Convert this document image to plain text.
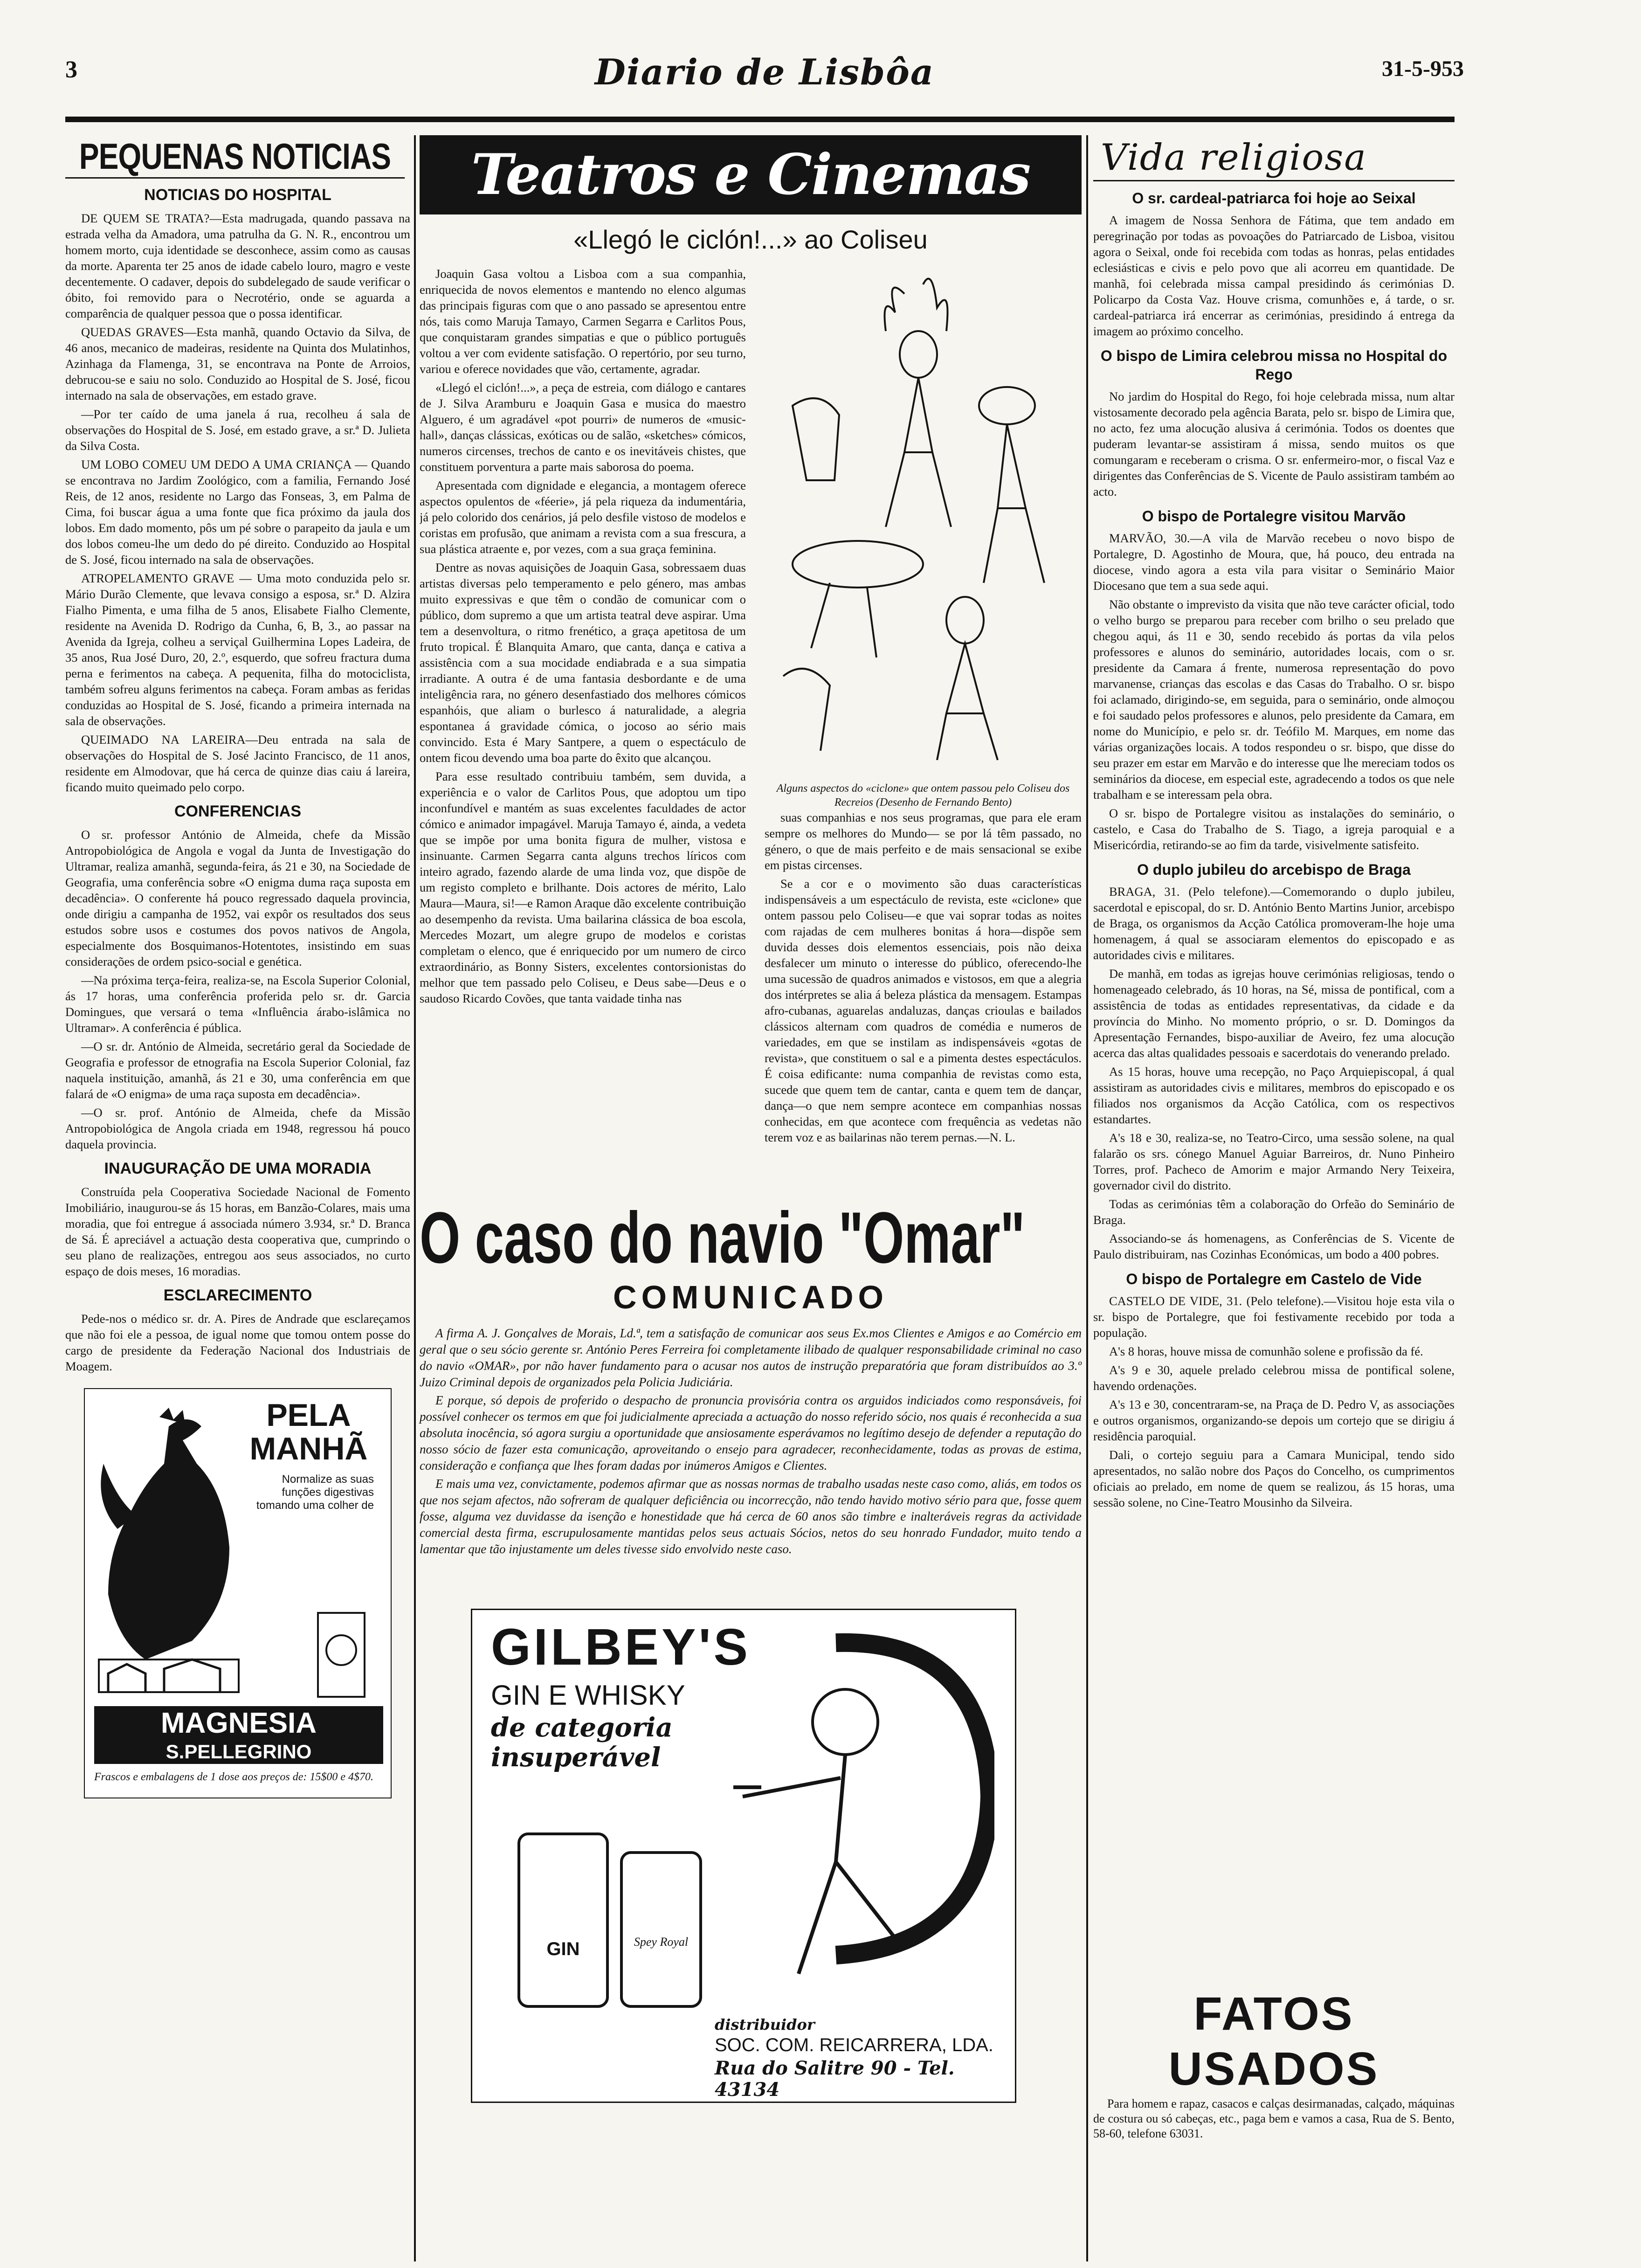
3	Diario de Lisbôa	31-5-953
PEQUENAS NOTICIAS
NOTICIAS DO HOSPITAL

DE QUEM SE TRATA?—Esta madrugada, quando passava na estrada velha da Amadora, uma patrulha da G. N. R., encontrou um homem morto, cuja identidade se desconhece, assim como as causas da morte. Aparenta ter 25 anos de idade cabelo louro, magro e veste decentemente. O cadaver, depois do subdelegado de saude verificar o óbito, foi removido para o Necrotério, onde se aguarda a comparência de qualquer pessoa que o possa identificar.

QUEDAS GRAVES—Esta manhã, quando Octavio da Silva, de 46 anos, mecanico de madeiras, residente na Quinta dos Mulatinhos, Azinhaga da Flamenga, 31, se encontrava na Ponte de Arroios, debrucou-se e saiu no solo. Conduzido ao Hospital de S. José, ficou internado na sala de observações, em estado grave.

—Por ter caído de uma janela á rua, recolheu á sala de observações do Hospital de S. José, em estado grave, a sr.ª D. Julieta da Silva Costa.

UM LOBO COMEU UM DEDO A UMA CRIANÇA — Quando se encontrava no Jardim Zoológico, com a familia, Fernando José Reis, de 12 anos, residente no Largo das Fonseas, 3, em Palma de Cima, foi buscar água a uma fonte que fica próximo da jaula dos lobos. Em dado momento, pôs um pé sobre o parapeito da jaula e um dos lobos comeu-lhe um dedo do pé direito. Conduzido ao Hospital de S. José, ficou internado na sala de observações.

ATROPELAMENTO GRAVE — Uma moto conduzida pelo sr. Mário Durão Clemente, que levava consigo a esposa, sr.ª D. Alzira Fialho Pimenta, e uma filha de 5 anos, Elisabete Fialho Clemente, residente na Avenida D. Rodrigo da Cunha, 6, B, 3., ao passar na Avenida da Igreja, colheu a serviçal Guilhermina Lopes Ladeira, de 35 anos, Rua José Duro, 20, 2.º, esquerdo, que sofreu fractura duma perna e ferimentos na cabeça. A pequenita, filha do motociclista, também sofreu alguns ferimentos na cabeça. Foram ambas as feridas conduzidas ao Hospital de S. José, ficando a primeira internada na sala de observações.

QUEIMADO NA LAREIRA—Deu entrada na sala de observações do Hospital de S. José Jacinto Francisco, de 11 anos, residente em Almodovar, que há cerca de quinze dias caiu á lareira, ficando muito queimado pelo corpo.

CONFERENCIAS

O sr. professor António de Almeida, chefe da Missão Antropobiológica de Angola e vogal da Junta de Investigação do Ultramar, realiza amanhã, segunda-feira, ás 21 e 30, na Sociedade de Geografia, uma conferência sobre «O enigma duma raça suposta em decadência». O conferente há pouco regressado daquela provincia, onde dirigiu a campanha de 1952, vai expôr os resultados dos seus estudos sobre usos e costumes dos povos nativos de Angola, especialmente dos Bosquimanos-Hotentotes, insistindo em suas considerações de ordem psico-social e genética.

—Na próxima terça-feira, realiza-se, na Escola Superior Colonial, ás 17 horas, uma conferência proferida pelo sr. dr. Garcia Domingues, que versará o tema «Influência árabo-islâmica no Ultramar». A conferência é pública.

—O sr. dr. António de Almeida, secretário geral da Sociedade de Geografia e professor de etnografia na Escola Superior Colonial, faz naquela instituição, amanhã, ás 21 e 30, uma conferência em que falará de «O enigma» de uma raça suposta em decadência».

—O sr. prof. António de Almeida, chefe da Missão Antropobiológica de Angola criada em 1948, regressou há pouco daquela provincia.

INAUGURAÇÃO DE UMA MORADIA

Construída pela Cooperativa Sociedade Nacional de Fomento Imobiliário, inaugurou-se ás 15 horas, em Banzão-Colares, mais uma moradia, que foi entregue á associada número 3.934, sr.ª D. Branca de Sá. É apreciável a actuação desta cooperativa que, cumprindo o seu plano de realizações, entregou aos seus associados, no curto espaço de dois meses, 16 moradias.

ESCLARECIMENTO

Pede-nos o médico sr. dr. A. Pires de Andrade que esclareçamos que não foi ele a pessoa, de igual nome que tomou ontem posse do cargo de presidente da Federação Nacional dos Industriais de Moagem.

PELA
MANHÃ
Normalize as suas funções digestivas tomando uma colher de
MAGNESIA
S.PELLEGRINO
Frascos e embalagens de 1 dose aos preços de: 15$00 e 4$70.
Teatros e Cinemas
«Llegó le ciclón!...» ao Coliseu

Joaquin Gasa voltou a Lisboa com a sua companhia, enriquecida de novos elementos e mantendo no elenco algumas das principais figuras com que o ano passado se apresentou entre nós, tais como Maruja Tamayo, Carmen Segarra e Carlitos Pous, que conquistaram grandes simpatias e que o público português voltou a ver com evidente satisfação. O repertório, por seu turno, variou e oferece novidades que vão, certamente, agradar.

«Llegó el ciclón!...», a peça de estreia, com diálogo e cantares de J. Silva Aramburu e Joaquin Gasa e musica do maestro Alguero, é um agradável «pot pourri» de numeros de «music-hall», danças clássicas, exóticas ou de salão, «sketches» cómicos, numeros circenses, trechos de canto e os inevitáveis chistes, que constituem porventura a parte mais saborosa do poema.

Apresentada com dignidade e elegancia, a montagem oferece aspectos opulentos de «féerie», já pela riqueza da indumentária, já pelo colorido dos cenários, já pelo desfile vistoso de modelos e coristas em profusão, que animam a revista com a sua frescura, a sua plástica atraente e, por vezes, com a sua graça feminina.

Dentre as novas aquisições de Joaquin Gasa, sobressaem duas artistas diversas pelo temperamento e pelo género, mas ambas muito expressivas e que têm o condão de comunicar com o público, dom supremo a que um artista teatral deve aspirar. Uma tem a desenvoltura, o ritmo frenético, a graça apetitosa de um fruto tropical. É Blanquita Amaro, que canta, dança e cativa a assistência com a sua mocidade endiabrada e a sua simpatia irradiante. A outra é de uma fantasia desbordante e de uma inteligência rara, no género desenfastiado dos melhores cómicos espanhóis, que aliam o burlesco á naturalidade, a alegria espontanea á gravidade cómica, o jocoso ao sério mais convincido. Esta é Mary Santpere, a quem o espectáculo de ontem ficou devendo uma boa parte do êxito que alcançou.

Para esse resultado contribuiu também, sem duvida, a experiência e o valor de Carlitos Pous, que adoptou um tipo inconfundível e mantém as suas excelentes faculdades de actor cómico e animador impagável. Maruja Tamayo é, ainda, a vedeta que se impõe por uma bonita figura de mulher, vistosa e insinuante. Carmen Segarra canta alguns trechos líricos com inteiro agrado, fazendo alarde de uma linda voz, que dispõe de um registo completo e brilhante. Dois actores de mérito, Lalo Maura—Maura, si!—e Ramon Araque dão excelente contribuição ao desempenho da revista. Uma bailarina clássica de boa escola, Mercedes Mozart, um alegre grupo de modelos e coristas completam o elenco, que é enriquecido por um numero de circo extraordinário, as Bonny Sisters, excelentes contorsionistas do melhor que tem passado pelo Coliseu, e Deus sabe—Deus e o saudoso Ricardo Covões, que tanta vaidade tinha nas

Alguns aspectos do «ciclone» que ontem passou pelo Coliseu dos Recreios (Desenho de Fernando Bento)

suas companhias e nos seus programas, que para ele eram sempre os melhores do Mundo— se por lá têm passado, no género, o que de mais perfeito e de mais sensacional se exibe em pistas circenses.

Se a cor e o movimento são duas características indispensáveis a um espectáculo de revista, este «ciclone» que ontem passou pelo Coliseu—e que vai soprar todas as noites com rajadas de cem mulheres bonitas á hora—dispõe sem duvida desses dois elementos essenciais, pois não deixa desfalecer um minuto o interesse do público, oferecendo-lhe uma sucessão de quadros animados e vistosos, em que a alegria dos intérpretes se alia á beleza plástica da mensagem. Estampas afro-cubanas, aguarelas andaluzas, danças crioulas e bailados clássicos alternam com quadros de comédia e numeros de variedades, em que se instilam as indispensáveis «gotas de revista», que constituem o sal e a pimenta destes espectáculos. É coisa edificante: numa companhia de revistas como esta, sucede que quem tem de cantar, canta e quem tem de dançar, dança—o que nem sempre acontece em companhias nossas conhecidas, em que acontece com frequência as vedetas não terem voz e as bailarinas não terem pernas.—N. L.

O caso do navio "Omar"
COMUNICADO

A firma A. J. Gonçalves de Morais, Ld.ª, tem a satisfação de comunicar aos seus Ex.mos Clientes e Amigos e ao Comércio em geral que o seu sócio gerente sr. António Peres Ferreira foi completamente ilibado de qualquer responsabilidade criminal no caso do navio «OMAR», por não haver fundamento para o acusar nos autos de instrução preparatória que foram distribuídos ao 3.º Juizo Criminal depois de organizados pela Policia Judiciária.

E porque, só depois de proferido o despacho de pronuncia provisória contra os arguidos indiciados como responsáveis, foi possível conhecer os termos em que foi judicialmente apreciada a actuação do nosso referido sócio, nos quais é reconhecida a sua absoluta inocência, só agora surgiu a oportunidade que ansiosamente esperávamos no legítimo desejo de defender a reputação do nosso sócio de fazer esta comunicação, aproveitando o ensejo para agradecer, reconhecidamente, todas as provas de estima, consideração e confiança que lhes foram dadas por inúmeros Amigos e Clientes.

E mais uma vez, convictamente, podemos afirmar que as nossas normas de trabalho usadas neste caso como, aliás, em todos os que nos sejam afectos, não sofreram de qualquer deficiência ou incorrecção, não tendo havido motivo sério para que, fosse quem fosse, alguma vez duvidasse da isenção e honestidade que há cerca de 60 anos são timbre e inalteráveis regras da actividade comercial desta firma, escrupulosamente mantidas pelos seus actuais Sócios, netos do seu honrado Fundador, muito tendo a lamentar que tão injustamente um deles tivesse sido envolvido neste caso.

GILBEY'S
GIN E WHISKY
de categoria insuperável
GIN	Spey Royal
distribuidor
SOC. COM. REICARRERA, LDA.
Rua do Salitre 90 - Tel. 43134
Vida religiosa
O sr. cardeal-patriarca foi hoje ao Seixal

A imagem de Nossa Senhora de Fátima, que tem andado em peregrinação por todas as povoações do Patriarcado de Lisboa, visitou agora o Seixal, onde foi recebida com todas as honras, pelas entidades eclesiásticas e civis e pelo povo que ali acorreu em quantidade. De manhã, foi celebrada missa campal presidindo ás cerimónias D. Policarpo da Costa Vaz. Houve crisma, comunhões e, á tarde, o sr. cardeal-patriarca irá encerrar as cerimónias, presidindo á entrega da imagem ao próximo concelho.

O bispo de Limira celebrou missa no Hospital do Rego

No jardim do Hospital do Rego, foi hoje celebrada missa, num altar vistosamente decorado pela agência Barata, pelo sr. bispo de Limira que, no acto, fez uma alocução alusiva á cerimónia. Todos os doentes que puderam levantar-se assistiram á missa, sendo muitos os que comungaram e receberam o crisma. O sr. enfermeiro-mor, o fiscal Vaz e dirigentes das Conferências de S. Vicente de Paulo assistiram também ao acto.

O bispo de Portalegre visitou Marvão

MARVÃO, 30.—A vila de Marvão recebeu o novo bispo de Portalegre, D. Agostinho de Moura, que, há pouco, deu entrada na diocese, vindo agora a esta vila para visitar o Seminário Maior Diocesano que tem a sua sede aqui.

Não obstante o imprevisto da visita que não teve carácter oficial, todo o velho burgo se preparou para receber com brilho o seu prelado que chegou aqui, ás 11 e 30, sendo recebido ás portas da vila pelos professores e alunos do seminário, autoridades locais, com o sr. presidente da Camara á frente, numerosa representação do povo marvanense, crianças das escolas e das Casas do Trabalho. O sr. bispo foi aclamado, dirigindo-se, em seguida, para o seminário, onde almoçou e foi saudado pelos professores e alunos, pelo presidente da Camara, em nome do Município, e pelo sr. dr. Teófilo M. Marques, em nome das várias organizações locais. A todos respondeu o sr. bispo, que disse do seu prazer em estar em Marvão e do interesse que lhe mereciam todos os seminários da diocese, em especial este, agradecendo a todos os que nele trabalham e se interessam pela obra.

O sr. bispo de Portalegre visitou as instalações do seminário, o castelo, e Casa do Trabalho de S. Tiago, a igreja paroquial e a Misericórdia, retirando-se ao fim da tarde, visivelmente satisfeito.

O duplo jubileu do arcebispo de Braga

BRAGA, 31. (Pelo telefone).—Comemorando o duplo jubileu, sacerdotal e episcopal, do sr. D. António Bento Martins Junior, arcebispo de Braga, os organismos da Acção Católica promoveram-lhe hoje uma homenagem, á qual se associaram elementos do episcopado e as autoridades civis e militares.

De manhã, em todas as igrejas houve cerimónias religiosas, tendo o homenageado celebrado, ás 10 horas, na Sé, missa de pontifical, com a assistência de todas as entidades representativas, da cidade e da província do Minho. No momento próprio, o sr. D. Domingos da Apresentação Fernandes, bispo-auxiliar de Aveiro, fez uma alocução acerca das altas qualidades pessoais e sacerdotais do venerando prelado.

As 15 horas, houve uma recepção, no Paço Arquiepiscopal, á qual assistiram as autoridades civis e militares, membros do episcopado e os filiados nos organismos da Acção Católica, com os respectivos estandartes.

A's 18 e 30, realiza-se, no Teatro-Circo, uma sessão solene, na qual falarão os srs. cónego Manuel Aguiar Barreiros, dr. Nuno Pinheiro Torres, prof. Pacheco de Amorim e major Armando Nery Teixeira, governador civil do distrito.

Todas as cerimónias têm a colaboração do Orfeão do Seminário de Braga.

Associando-se ás homenagens, as Conferências de S. Vicente de Paulo distribuiram, nas Cozinhas Económicas, um bodo a 400 pobres.

O bispo de Portalegre em Castelo de Vide

CASTELO DE VIDE, 31. (Pelo telefone).—Visitou hoje esta vila o sr. bispo de Portalegre, que foi festivamente recebido por toda a população.

A's 8 horas, houve missa de comunhão solene e profissão da fé.

A's 9 e 30, aquele prelado celebrou missa de pontifical solene, havendo ordenações.

A's 13 e 30, concentraram-se, na Praça de D. Pedro V, as associações e outros organismos, organizando-se depois um cortejo que se dirigiu á residência paroquial.

Dali, o cortejo seguiu para a Camara Municipal, tendo sido apresentados, no salão nobre dos Paços do Concelho, os cumprimentos oficiais ao prelado, em nome de quem se realizou, ás 15 horas, uma sessão solene, no Cine-Teatro Mousinho da Silveira.

FATOS USADOS

Para homem e rapaz, casacos e calças desirmanadas, calçado, máquinas de costura ou só cabeças, etc., paga bem e vamos a casa, Rua de S. Bento, 58-60, telefone 63031.
